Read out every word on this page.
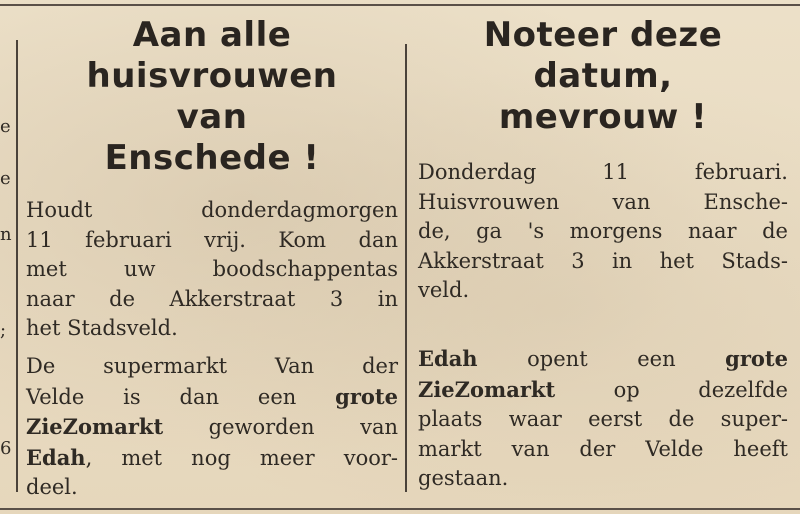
e
e
n
;
6
Aan alle
huisvrouwen
van
Enschede !
Houdt donderdagmorgen
11 februari vrij. Kom dan
met uw boodschappentas
naar de Akkerstraat 3 in
het Stadsveld.
De supermarkt Van der
Velde is dan een grote
ZieZomarkt geworden van
Edah, met nog meer voor-
deel.
Noteer deze
datum,
mevrouw !
Donderdag 11 februari.
Huisvrouwen van Ensche-
de, ga 's morgens naar de
Akkerstraat 3 in het Stads-
veld.
Edah opent een grote
ZieZomarkt op dezelfde
plaats waar eerst de super-
markt van der Velde heeft
gestaan.
